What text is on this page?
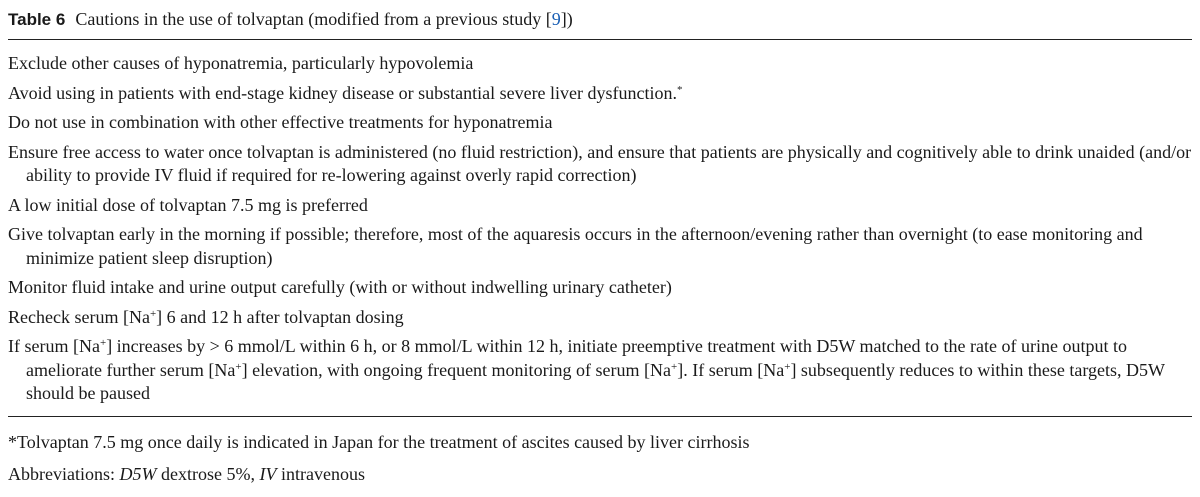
Table 6 Cautions in the use of tolvaptan (modified from a previous study [9])
Exclude other causes of hyponatremia, particularly hypovolemia
Avoid using in patients with end-stage kidney disease or substantial severe liver dysfunction.*
Do not use in combination with other effective treatments for hyponatremia
Ensure free access to water once tolvaptan is administered (no fluid restriction), and ensure that patients are physically and cognitively able to drink unaided (and/or ability to provide IV fluid if required for re-lowering against overly rapid correction)
A low initial dose of tolvaptan 7.5 mg is preferred
Give tolvaptan early in the morning if possible; therefore, most of the aquaresis occurs in the afternoon/evening rather than overnight (to ease monitoring and minimize patient sleep disruption)
Monitor fluid intake and urine output carefully (with or without indwelling urinary catheter)
Recheck serum [Na+] 6 and 12 h after tolvaptan dosing
If serum [Na+] increases by > 6 mmol/L within 6 h, or 8 mmol/L within 12 h, initiate preemptive treatment with D5W matched to the rate of urine output to ameliorate further serum [Na+] elevation, with ongoing frequent monitoring of serum [Na+]. If serum [Na+] subsequently reduces to within these targets, D5W should be paused
*Tolvaptan 7.5 mg once daily is indicated in Japan for the treatment of ascites caused by liver cirrhosis
Abbreviations: D5W dextrose 5%, IV intravenous
